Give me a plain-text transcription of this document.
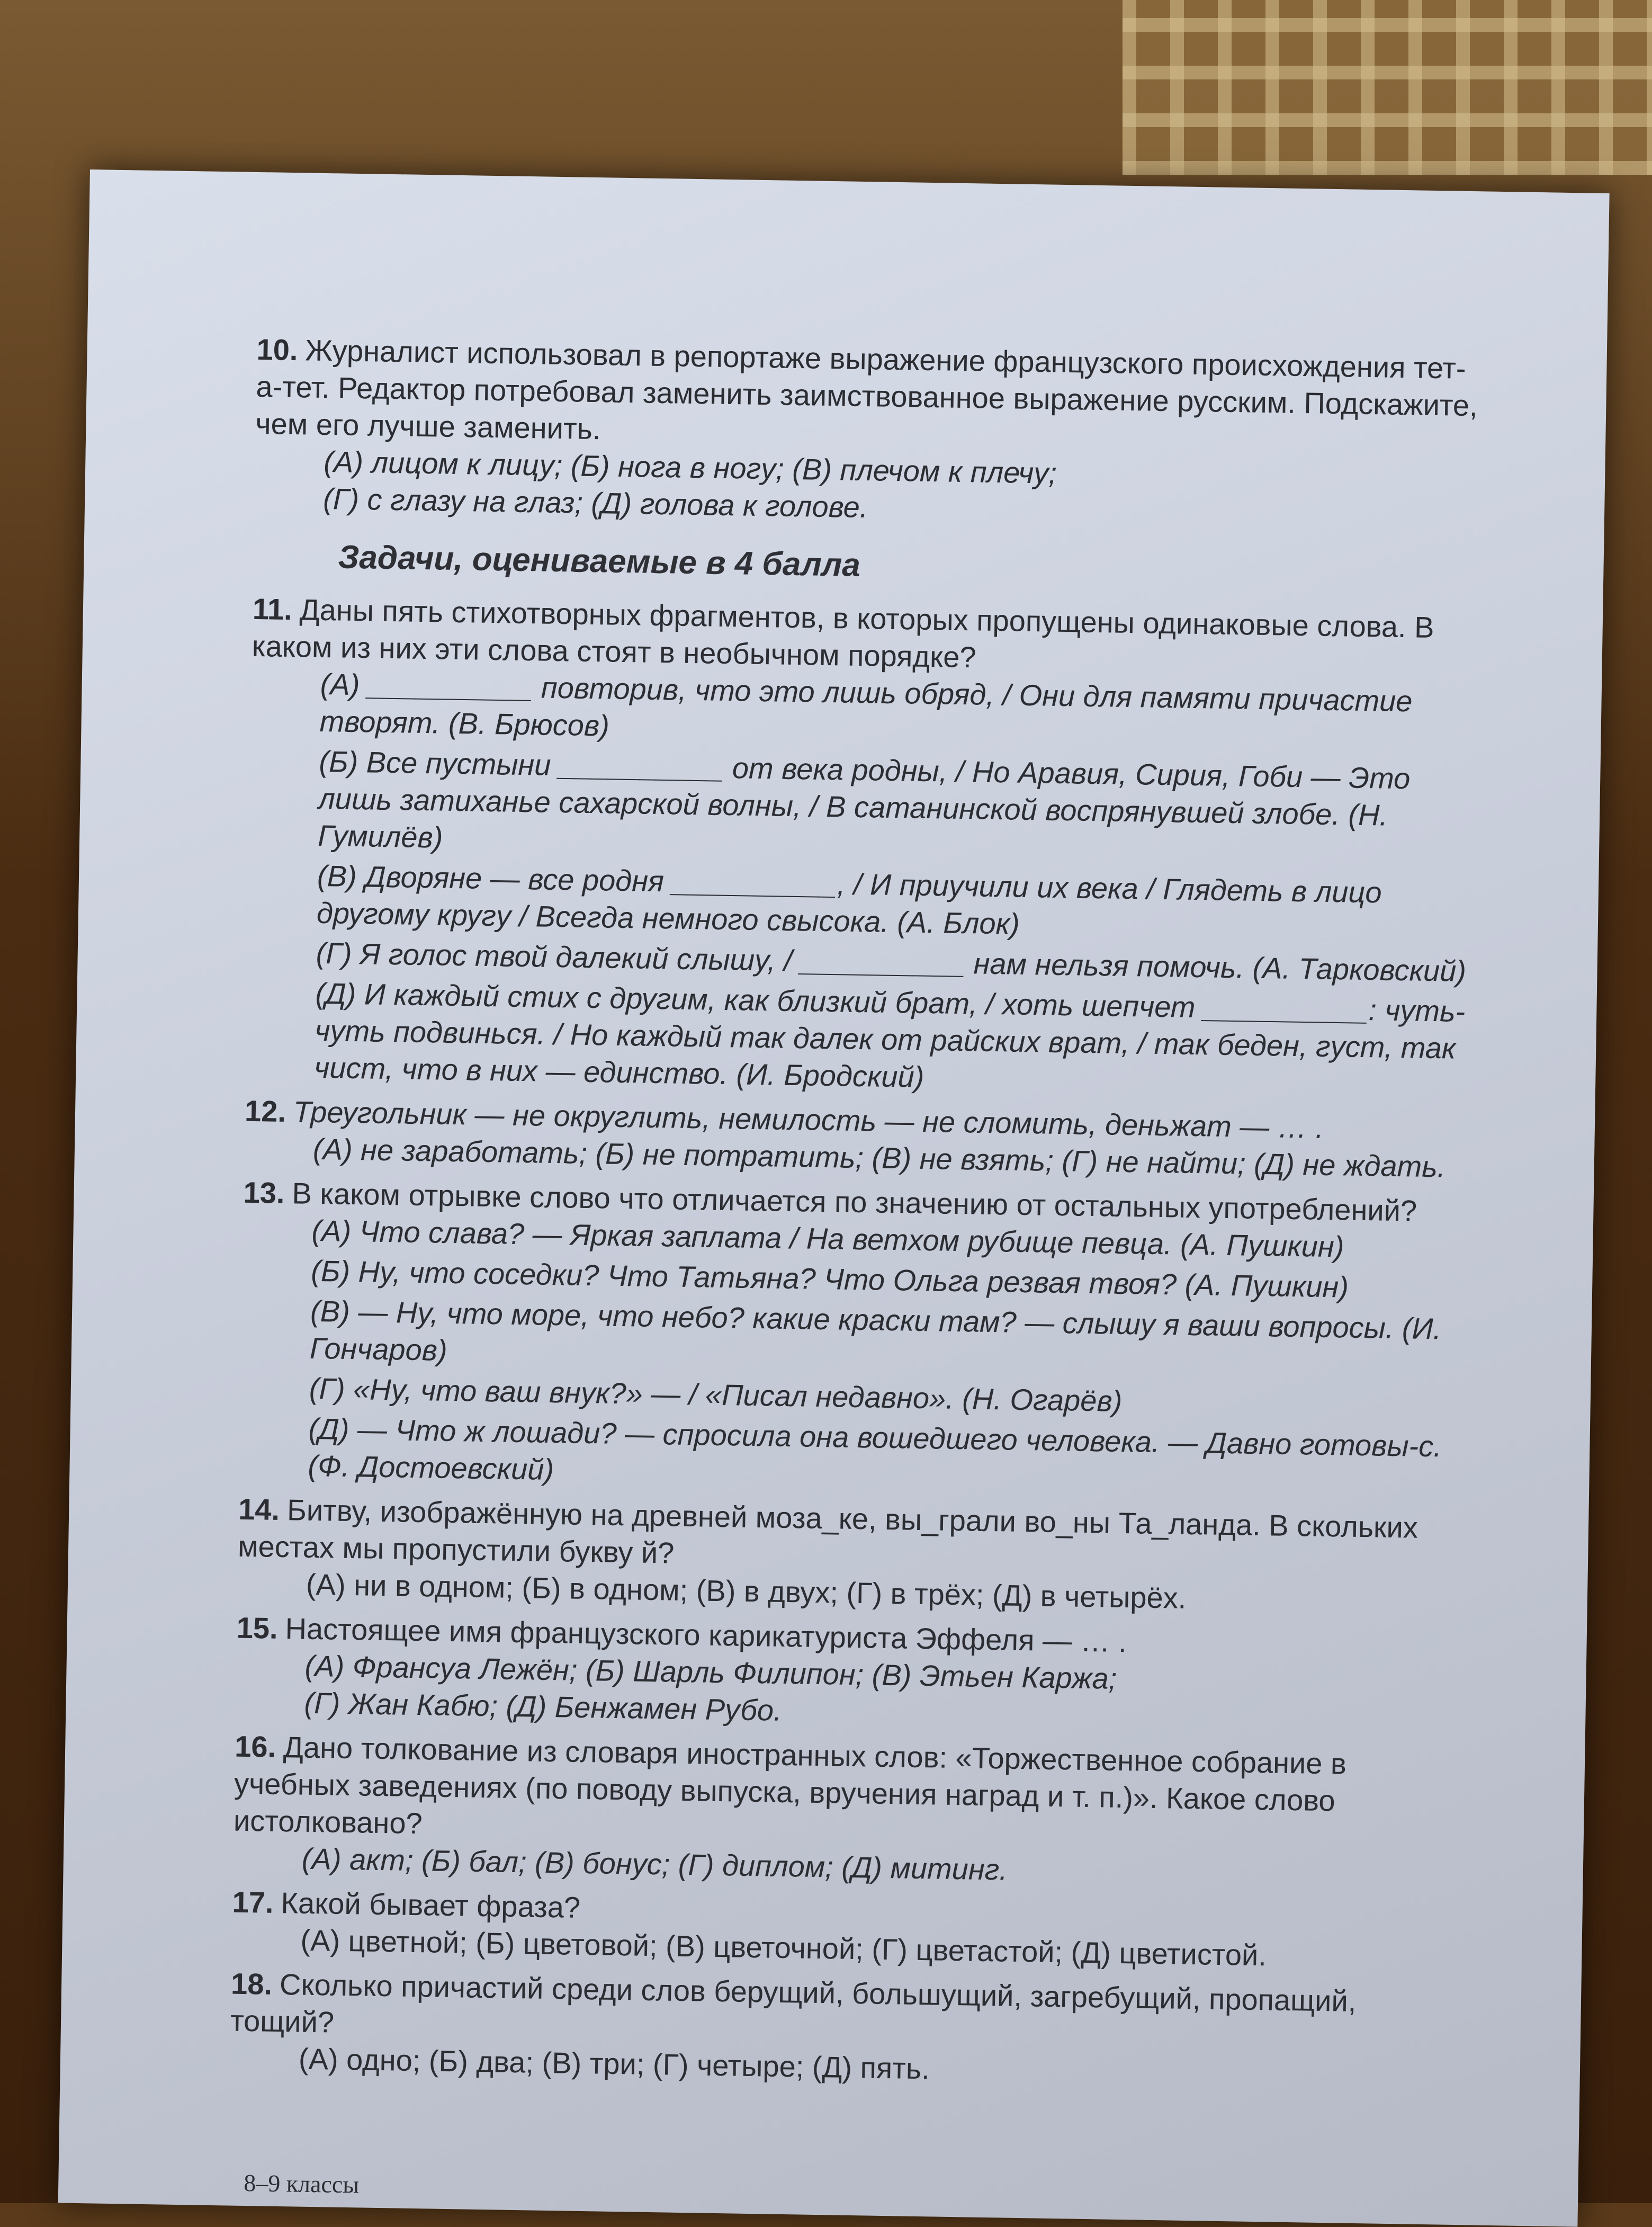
10. Журналист использовал в репортаже выражение французского происхождения тет-а-тет. Редактор потребовал заменить заимствованное выражение русским. Подскажите, чем его лучше заменить.
(А) лицом к лицу; (Б) нога в ногу; (В) плечом к плечу;
(Г) с глазу на глаз; (Д) голова к голове.
Задачи, оцениваемые в 4 балла
11. Даны пять стихотворных фрагментов, в которых пропущены одинаковые слова. В каком из них эти слова стоят в необычном порядке?
(А) __________ повторив, что это лишь обряд, / Они для памяти причастие творят. (В. Брюсов)
(Б) Все пустыни __________ от века родны, / Но Аравия, Сирия, Гоби — Это лишь затиханье сахарской волны, / В сатанинской воспрянувшей злобе. (Н. Гумилёв)
(В) Дворяне — все родня __________, / И приучили их века / Глядеть в лицо другому кругу / Всегда немного свысока. (А. Блок)
(Г) Я голос твой далекий слышу, / __________ нам нельзя помочь. (А. Тарковский)
(Д) И каждый стих с другим, как близкий брат, / хоть шепчет __________: чуть-чуть подвинься. / Но каждый так далек от райских врат, / так беден, густ, так чист, что в них — единство. (И. Бродский)
12. Треугольник — не округлить, немилость — не сломить, деньжат — … .
(А) не заработать; (Б) не потратить; (В) не взять; (Г) не найти; (Д) не ждать.
13. В каком отрывке слово что отличается по значению от остальных употреблений?
(А) Что слава? — Яркая заплата / На ветхом рубище певца. (А. Пушкин)
(Б) Ну, что соседки? Что Татьяна? Что Ольга резвая твоя? (А. Пушкин)
(В) — Ну, что море, что небо? какие краски там? — слышу я ваши вопросы. (И. Гончаров)
(Г) «Ну, что ваш внук?» — / «Писал недавно». (Н. Огарёв)
(Д) — Что ж лошади? — спросила она вошедшего человека. — Давно готовы-с. (Ф. Достоевский)
14. Битву, изображённую на древней моза_ке, вы_грали во_ны Та_ланда. В скольких местах мы пропустили букву й?
(А) ни в одном; (Б) в одном; (В) в двух; (Г) в трёх; (Д) в четырёх.
15. Настоящее имя французского карикатуриста Эффеля — … .
(А) Франсуа Лежён; (Б) Шарль Филипон; (В) Этьен Каржа;
(Г) Жан Кабю; (Д) Бенжамен Рубо.
16. Дано толкование из словаря иностранных слов: «Торжественное собрание в учебных заведениях (по поводу выпуска, вручения наград и т. п.)». Какое слово истолковано?
(А) акт; (Б) бал; (В) бонус; (Г) диплом; (Д) митинг.
17. Какой бывает фраза?
(А) цветной; (Б) цветовой; (В) цветочной; (Г) цветастой; (Д) цветистой.
18. Сколько причастий среди слов берущий, большущий, загребущий, пропащий, тощий?
(А) одно; (Б) два; (В) три; (Г) четыре; (Д) пять.
8–9 классы
